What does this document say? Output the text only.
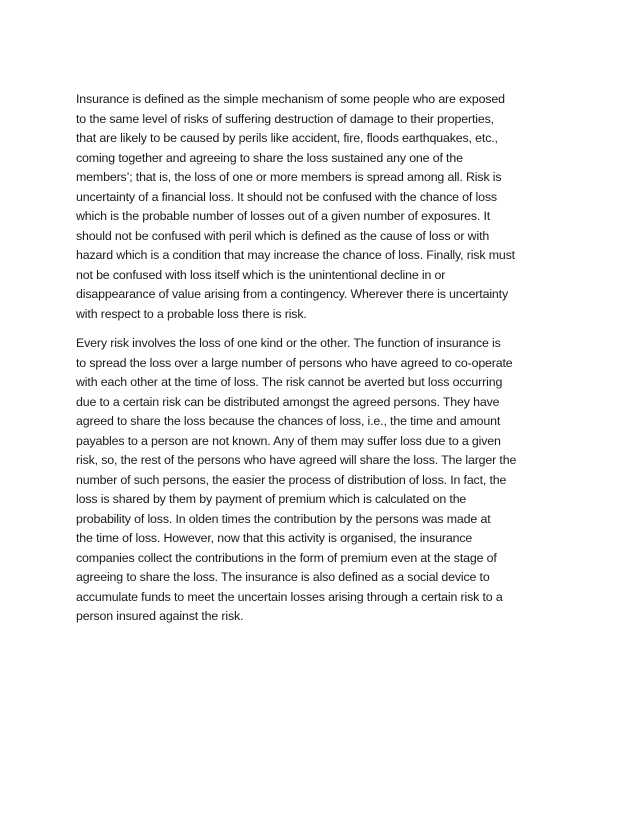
Insurance is defined as the simple mechanism of some people who are exposed
to the same level of risks of suffering destruction of damage to their properties,
that are likely to be caused by perils like accident, fire, floods earthquakes, etc.,
coming together and agreeing to share the loss sustained any one of the
members’; that is, the loss of one or more members is spread among all. Risk is
uncertainty of a financial loss. It should not be confused with the chance of loss
which is the probable number of losses out of a given number of exposures. It
should not be confused with peril which is defined as the cause of loss or with
hazard which is a condition that may increase the chance of loss. Finally, risk must
not be confused with loss itself which is the unintentional decline in or
disappearance of value arising from a contingency. Wherever there is uncertainty
with respect to a probable loss there is risk.

Every risk involves the loss of one kind or the other. The function of insurance is
to spread the loss over a large number of persons who have agreed to co-operate
with each other at the time of loss. The risk cannot be averted but loss occurring
due to a certain risk can be distributed amongst the agreed persons. They have
agreed to share the loss because the chances of loss, i.e., the time and amount
payables to a person are not known. Any of them may suffer loss due to a given
risk, so, the rest of the persons who have agreed will share the loss. The larger the
number of such persons, the easier the process of distribution of loss. In fact, the
loss is shared by them by payment of premium which is calculated on the
probability of loss. In olden times the contribution by the persons was made at
the time of loss. However, now that this activity is organised, the insurance
companies collect the contributions in the form of premium even at the stage of
agreeing to share the loss. The insurance is also defined as a social device to
accumulate funds to meet the uncertain losses arising through a certain risk to a
person insured against the risk.
